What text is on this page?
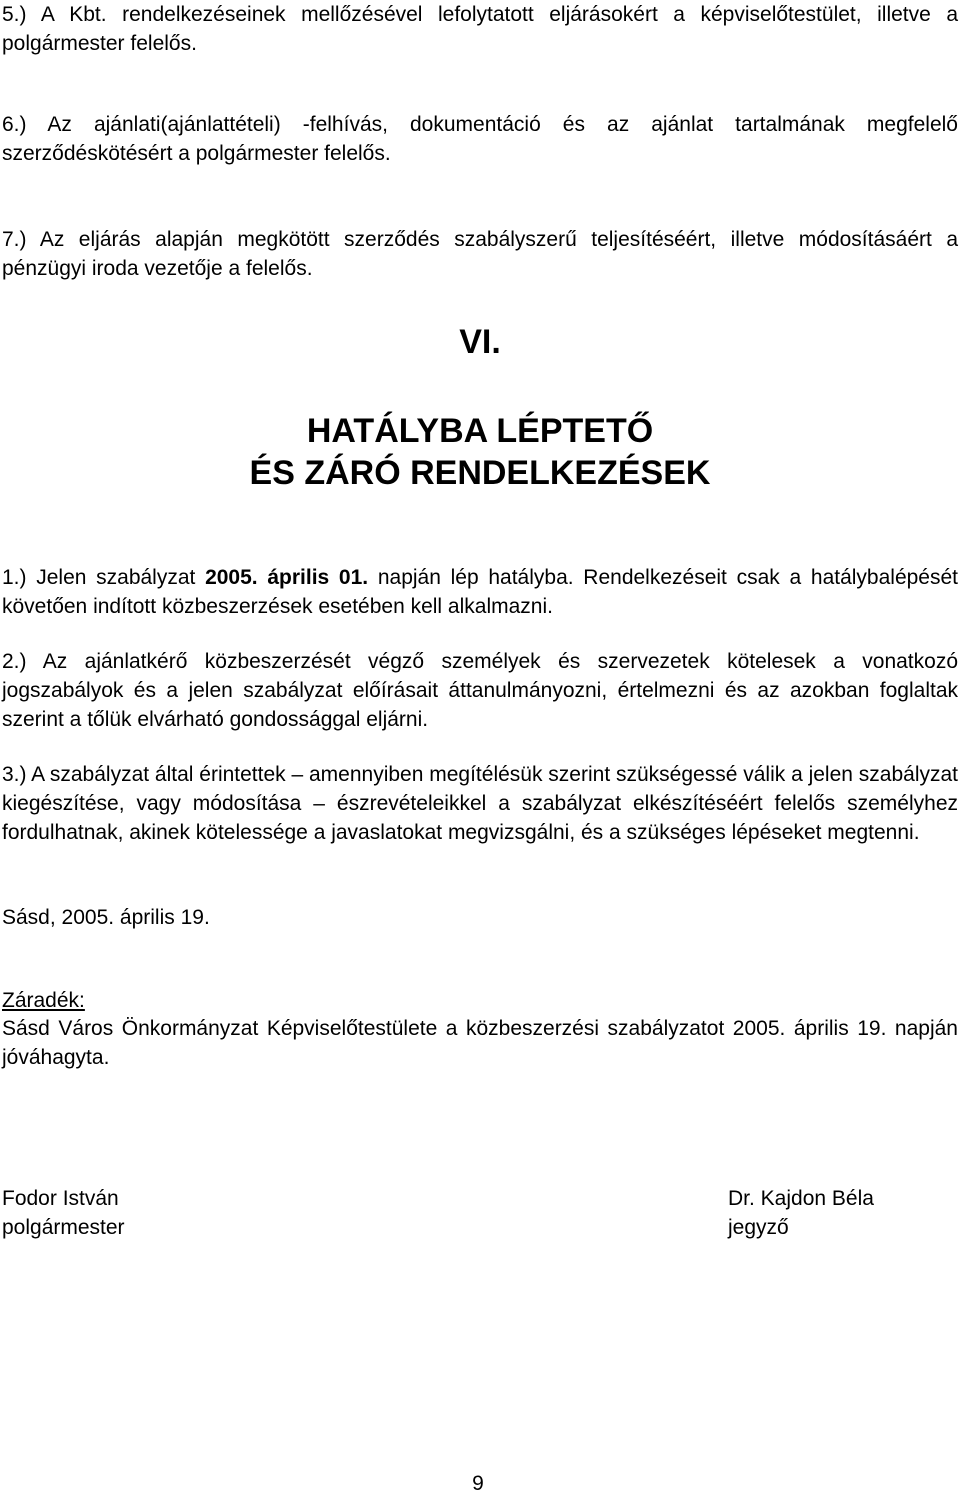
5.) A Kbt. rendelkezéseinek mellőzésével lefolytatott eljárásokért a képviselőtestület, illetve a polgármester felelős.

6.) Az ajánlati(ajánlattételi) -felhívás, dokumentáció és az ajánlat tartalmának megfelelő szerződéskötésért a polgármester felelős.

7.) Az eljárás alapján megkötött szerződés szabályszerű teljesítéséért, illetve módosításáért a pénzügyi iroda vezetője a felelős.

VI.

HATÁLYBA LÉPTETŐ

ÉS ZÁRÓ RENDELKEZÉSEK

1.) Jelen szabályzat 2005. április 01. napján lép hatályba. Rendelkezéseit csak a hatálybalépését követően indított közbeszerzések esetében kell alkalmazni.

2.) Az ajánlatkérő közbeszerzését végző személyek és szervezetek kötelesek a vonatkozó jogszabályok és a jelen szabályzat előírásait áttanulmányozni, értelmezni és az azokban foglaltak szerint a tőlük elvárható gondossággal eljárni.

3.) A szabályzat által érintettek – amennyiben megítélésük szerint szükségessé válik a jelen szabályzat kiegészítése, vagy módosítása – észrevételeikkel a szabályzat elkészítéséért felelős személyhez fordulhatnak, akinek kötelessége a javaslatokat megvizsgálni, és a szükséges lépéseket megtenni.

Sásd, 2005. április 19.

Záradék:

Sásd Város Önkormányzat Képviselőtestülete a közbeszerzési szabályzatot 2005. április 19. napján jóváhagyta.

Fodor István
polgármester
Dr. Kajdon Béla
jegyző
9
